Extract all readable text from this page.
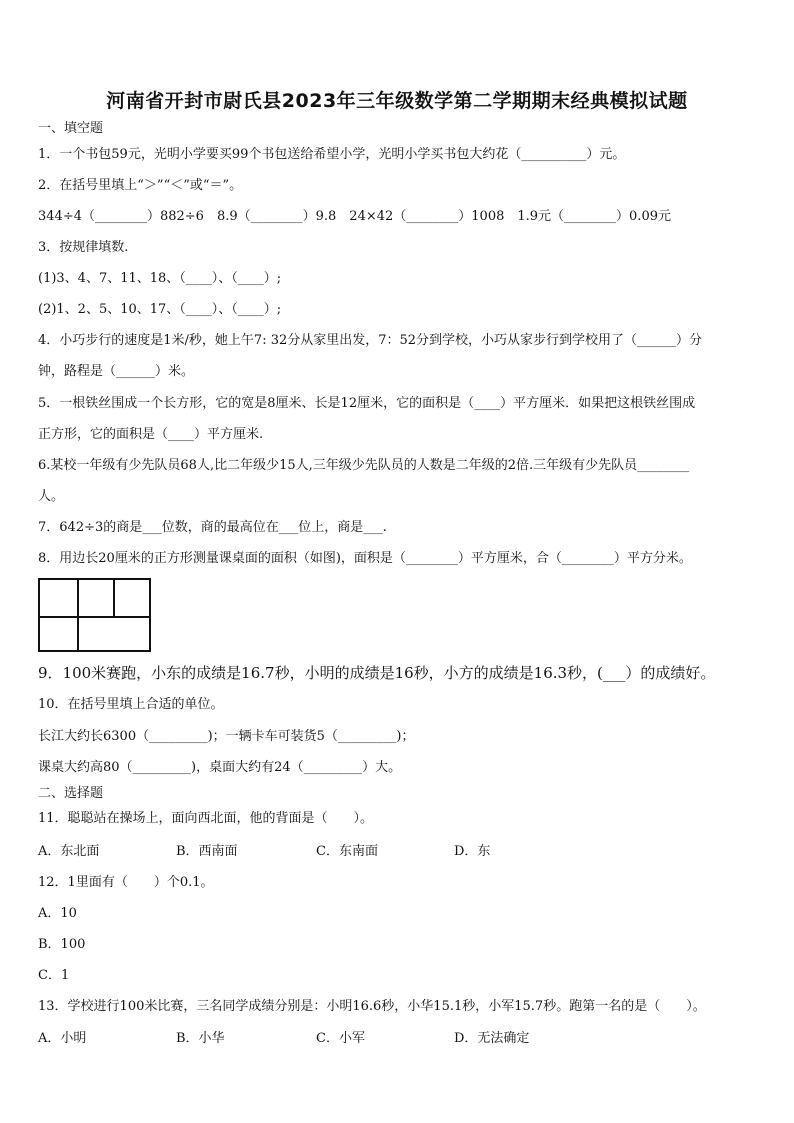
河南省开封市尉氏县2023年三年级数学第二学期期末经典模拟试题
一、填空题
1．一个书包59元，光明小学要买99个书包送给希望小学，光明小学买书包大约花（__________）元。
2．在括号里填上“＞”“＜”或“＝”。
344÷4（________）882÷6　8.9（________）9.8　24×42（________）1008　1.9元（________）0.09元
3．按规律填数.
(1)3、4、7、11、18、（____）、（____）;
(2)1、2、5、10、17、（____）、（____）;
4．小巧步行的速度是1米/秒，她上午7: 32分从家里出发，7：52分到学校，小巧从家步行到学校用了（______）分
钟，路程是（______）米。
5．一根铁丝围成一个长方形，它的宽是8厘米、长是12厘米，它的面积是（____）平方厘米．如果把这根铁丝围成
正方形，它的面积是（____）平方厘米.
6.某校一年级有少先队员68人,比二年级少15人,三年级少先队员的人数是二年级的2倍.三年级有少先队员________
人。
7．642÷3的商是___位数，商的最高位在___位上，商是___.
8．用边长20厘米的正方形测量课桌面的面积（如图)，面积是（________）平方厘米，合（________）平方分米。
9．100米赛跑，小东的成绩是16.7秒，小明的成绩是16秒，小方的成绩是16.3秒，(___）的成绩好。
10．在括号里填上合适的单位。
长江大约长6300（_________)；一辆卡车可装货5（_________)；
课桌大约高80（_________)，桌面大约有24（_________）大。
二、选择题
11．聪聪站在操场上，面向西北面，他的背面是（　　）。
A．东北面	B．西南面	C．东南面	D．东
12．1里面有（　　）个0.1。
A．10
B．100
C．1
13．学校进行100米比赛，三名同学成绩分别是：小明16.6秒，小华15.1秒，小军15.7秒。跑第一名的是（　　）。
A．小明	B．小华	C．小军	D．无法确定
